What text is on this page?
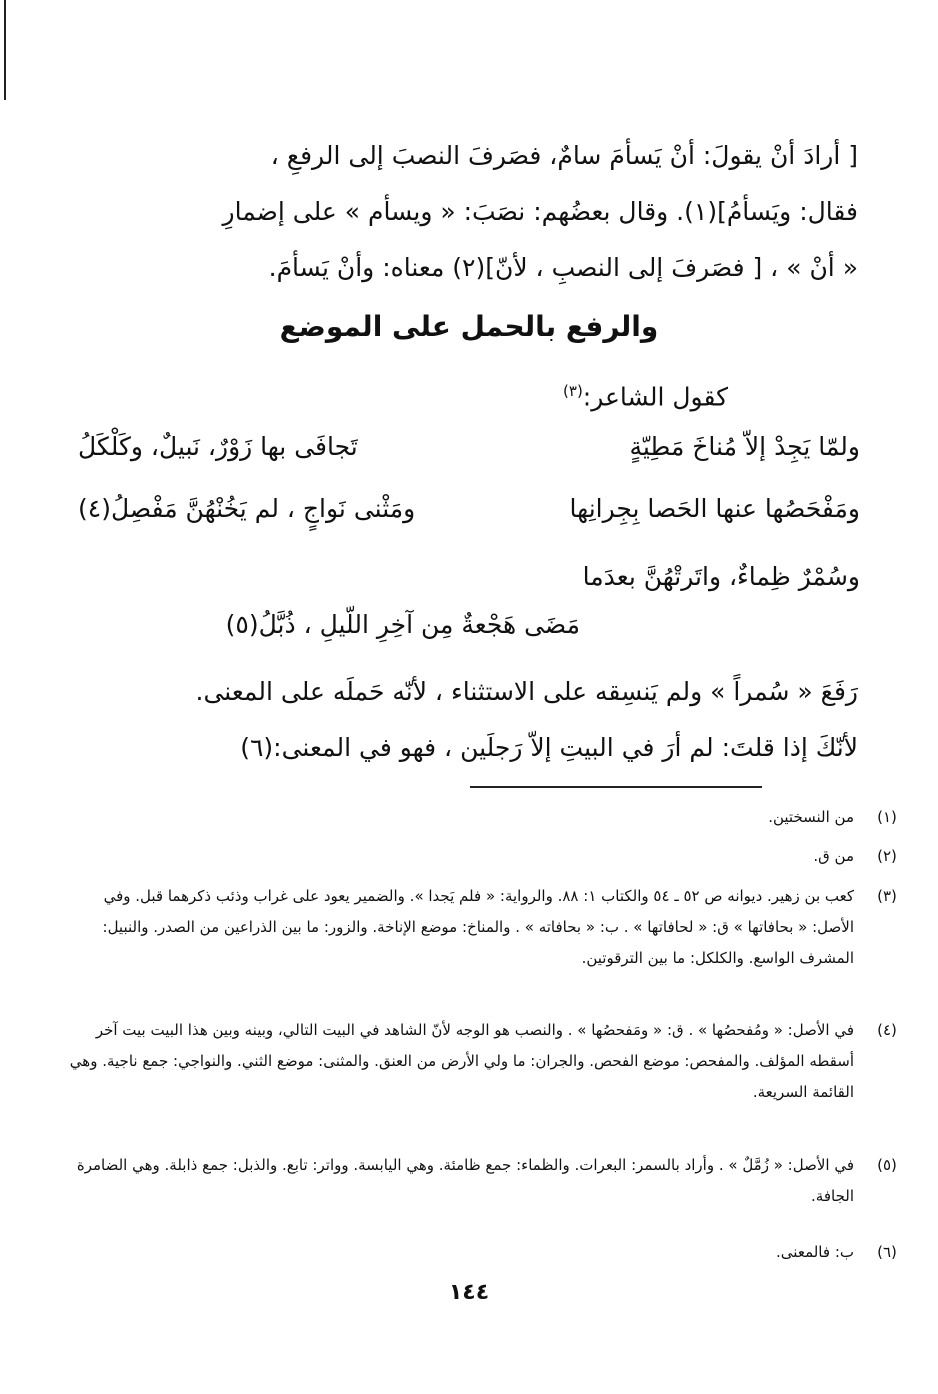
[ أرادَ أنْ يقولَ: أنْ يَسأمَ سامٌ، فصَرفَ النصبَ إلى الرفعِ ،
فقال: ويَسأمُ](١). وقال بعضُهم: نصَبَ: « ويسأم » على إضمارِ
« أنْ » ، [ فصَرفَ إلى النصبِ ، لأنّ](٢) معناه: وأنْ يَسأمَ.
والرفع بالحمل على الموضع
كقول الشاعر:$^{(٣)}$
ولمّا يَجِدْ إلاّ مُناخَ مَطِيّةٍ
تَجافَى بها زَوْرٌ، نَبيلٌ، وكَلْكَلُ
ومَفْحَصُها عنها الحَصا بِجِرانِها
ومَثْنى نَواجٍ ، لم يَخُنْهُنَّ مَفْصِلُ(٤)
وسُمْرٌ ظِماءٌ، واتَرتْهُنَّ بعدَما
مَضَى هَجْعةٌ مِن آخِرِ اللّيلِ ، ذُبَّلُ(٥)
رَفَعَ « سُمراً » ولم يَنسِقه على الاستثناء ، لأنّه حَملَه على المعنى.
لأنّكَ إذا قلتَ: لم أرَ في البيتِ إلاّ رَجلَين ، فهو في المعنى:(٦)
(١)
من النسختين.
(٢)
من ق.
(٣)
كعب بن زهير. ديوانه ص ٥٢ ـ ٥٤ والكتاب ١: ٨٨. والرواية: « فلم يَجدا ». والضمير يعود على غراب وذئب ذكرهما قبل. وفي الأصل: « بحافاتها » ق: « لحافاتها » . ب: « بحافاته » . والمناخ: موضع الإناخة. والزور: ما بين الذراعين من الصدر. والنبيل: المشرف الواسع. والكلكل: ما بين الترقوتين.
(٤)
في الأصل: « ومُفحصُها » . ق: « ومَفحصُها » . والنصب هو الوجه لأنّ الشاهد في البيت التالي، وبينه وبين هذا البيت بيت آخر أسقطه المؤلف. والمفحص: موضع الفحص. والجران: ما ولي الأرض من العنق. والمثنى: موضع الثني. والنواجي: جمع ناجية. وهي القائمة السريعة.
(٥)
في الأصل: « زُمَّلٌ » . وأراد بالسمر: البعرات. والظماء: جمع ظامئة. وهي اليابسة. وواتر: تابع. والذبل: جمع ذابلة. وهي الضامرة الجافة.
(٦)
ب: فالمعنى.
١٤٤
